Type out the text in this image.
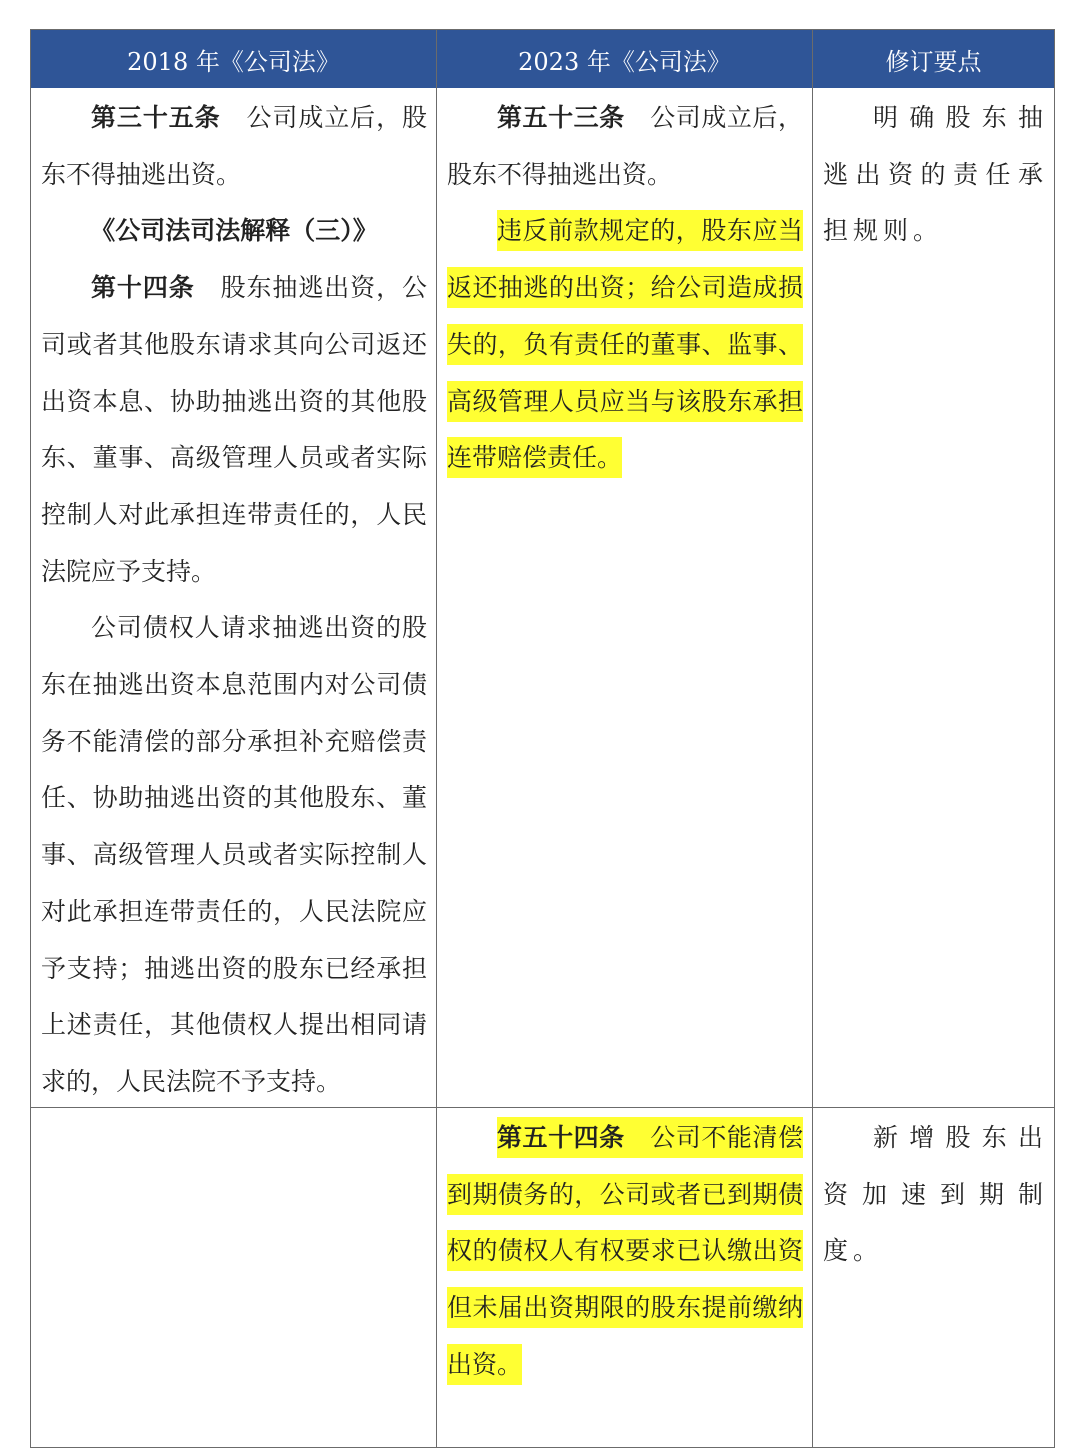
2018 年《公司法》	2023 年《公司法》	修订要点

第三十五条　公司成立后，股东不得抽逃出资。

《公司法司法解释（三）》

第十四条　股东抽逃出资，公司或者其他股东请求其向公司返还出资本息、协助抽逃出资的其他股东、董事、高级管理人员或者实际控制人对此承担连带责任的，人民法院应予支持。

公司债权人请求抽逃出资的股东在抽逃出资本息范围内对公司债务不能清偿的部分承担补充赔偿责任、协助抽逃出资的其他股东、董事、高级管理人员或者实际控制人对此承担连带责任的，人民法院应予支持；抽逃出资的股东已经承担上述责任，其他债权人提出相同请求的，人民法院不予支持。

第五十三条　公司成立后，股东不得抽逃出资。

违反前款规定的，股东应当返还抽逃的出资；给公司造成损失的，负有责任的董事、监事、高级管理人员应当与该股东承担连带赔偿责任。

明确股东抽逃出资的责任承担规则。

第五十四条　公司不能清偿到期债务的，公司或者已到期债权的债权人有权要求已认缴出资但未届出资期限的股东提前缴纳出资。

新增股东出资加速到期制度。
